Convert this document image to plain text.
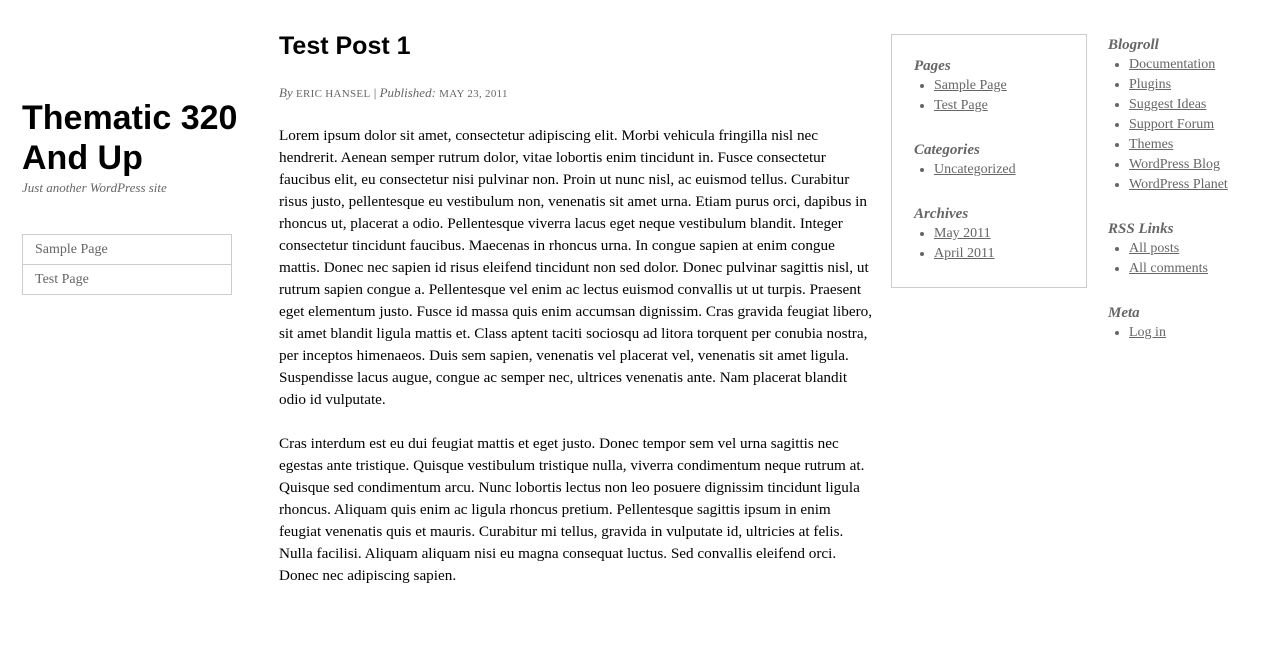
Thematic 320 And Up
Just another WordPress site
Sample Page
Test Page
Test Post 1
By ERIC HANSEL | Published: MAY 23, 2011

Lorem ipsum dolor sit amet, consectetur adipiscing elit. Morbi vehicula fringilla nisl nec hendrerit. Aenean semper rutrum dolor, vitae lobortis enim tincidunt in. Fusce consectetur faucibus elit, eu consectetur nisi pulvinar non. Proin ut nunc nisl, ac euismod tellus. Curabitur risus justo, pellentesque eu vestibulum non, venenatis sit amet urna. Etiam purus orci, dapibus in rhoncus ut, placerat a odio. Pellentesque viverra lacus eget neque vestibulum blandit. Integer consectetur tincidunt faucibus. Maecenas in rhoncus urna. In congue sapien at enim congue mattis. Donec nec sapien id risus eleifend tincidunt non sed dolor. Donec pulvinar sagittis nisl, ut rutrum sapien congue a. Pellentesque vel enim ac lectus euismod convallis ut ut turpis. Praesent eget elementum justo. Fusce id massa quis enim accumsan dignissim. Cras gravida feugiat libero, sit amet blandit ligula mattis et. Class aptent taciti sociosqu ad litora torquent per conubia nostra, per inceptos himenaeos. Duis sem sapien, venenatis vel placerat vel, venenatis sit amet ligula. Suspendisse lacus augue, congue ac semper nec, ultrices venenatis ante. Nam placerat blandit odio id vulputate.

Cras interdum est eu dui feugiat mattis et eget justo. Donec tempor sem vel urna sagittis nec egestas ante tristique. Quisque vestibulum tristique nulla, viverra condimentum neque rutrum at. Quisque sed condimentum arcu. Nunc lobortis lectus non leo posuere dignissim tincidunt ligula rhoncus. Aliquam quis enim ac ligula rhoncus pretium. Pellentesque sagittis ipsum in enim feugiat venenatis quis et mauris. Curabitur mi tellus, gravida in vulputate id, ultricies at felis. Nulla facilisi. Aliquam aliquam nisi eu magna consequat luctus. Sed convallis eleifend orci. Donec nec adipiscing sapien.

Pages
• Sample Page
• Test Page
Categories
• Uncategorized
Archives
• May 2011
• April 2011
Blogroll
• Documentation
• Plugins
• Suggest Ideas
• Support Forum
• Themes
• WordPress Blog
• WordPress Planet
RSS Links
• All posts
• All comments
Meta
• Log in
